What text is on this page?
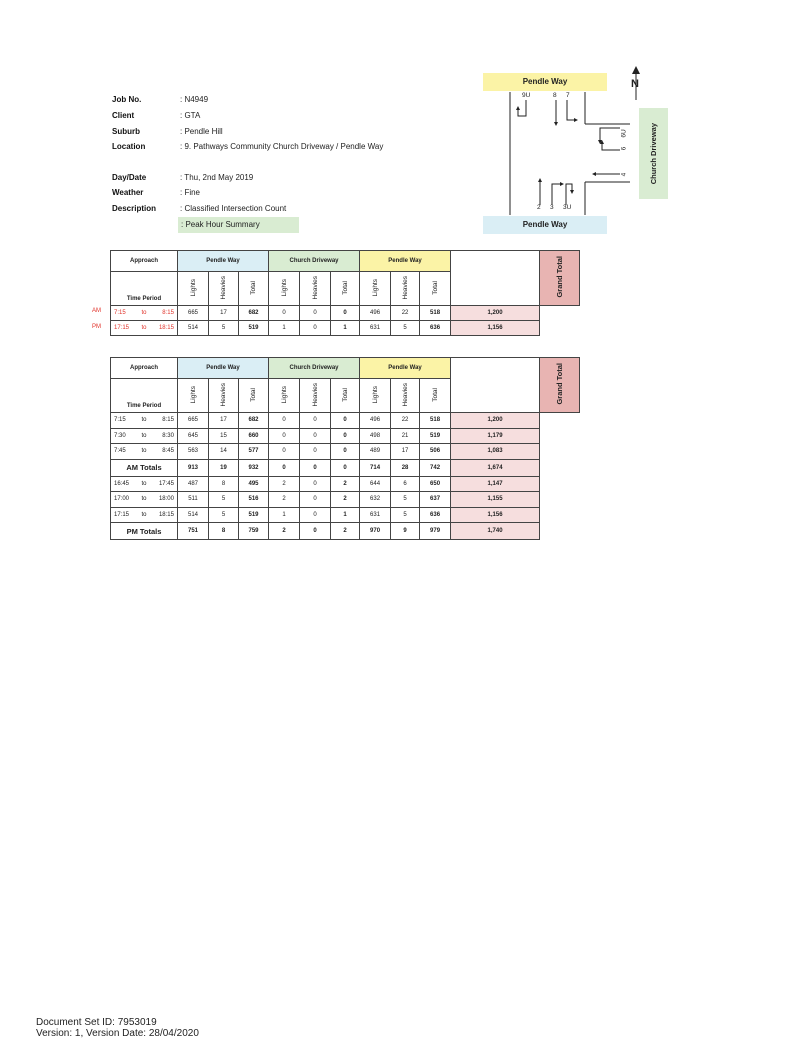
Job No.	: N4949
Client	: GTA
Suburb	: Pendle Hill
Location	: 9. Pathways Community Church Driveway / Pendle Way
Day/Date	: Thu, 2nd May 2019
Weather	: Fine
Description	: Classified Intersection Count
: Peak Hour Summary
Pendle Way
Pendle Way
Church Driveway
9U	8 7
2 3 3U
6U
6
4
N
Approach	Pendle Way			Church Driveway			Pendle Way				Grand Total
Time Period	Lights	Heavies	Total	Lights	Heavies	Total	Lights	Heavies	Total		

7:15 to 8:15	665	17	682	0	0	0	496	22	518	1,200	

17:15 to 18:15	514	5	519	1	0	1	631	5	636	1,156	
AM
PM
Approach	Pendle Way			Church Driveway			Pendle Way				Grand Total
Time Period	Lights	Heavies	Total	Lights	Heavies	Total	Lights	Heavies	Total		

7:15 to 8:15	665	17	682	0	0	0	496	22	518	1,200	

7:30 to 8:30	645	15	660	0	0	0	498	21	519	1,179	

7:45 to 8:45	563	14	577	0	0	0	489	17	506	1,083	
AM Totals	913	19	932	0	0	0	714	28	742	1,674	

16:45 to 17:45	487	8	495	2	0	2	644	6	650	1,147	

17:00 to 18:00	511	5	516	2	0	2	632	5	637	1,155	

17:15 to 18:15	514	5	519	1	0	1	631	5	636	1,156	
PM Totals	751	8	759	2	0	2	970	9	979	1,740	
Document Set ID: 7953019
Version: 1, Version Date: 28/04/2020
